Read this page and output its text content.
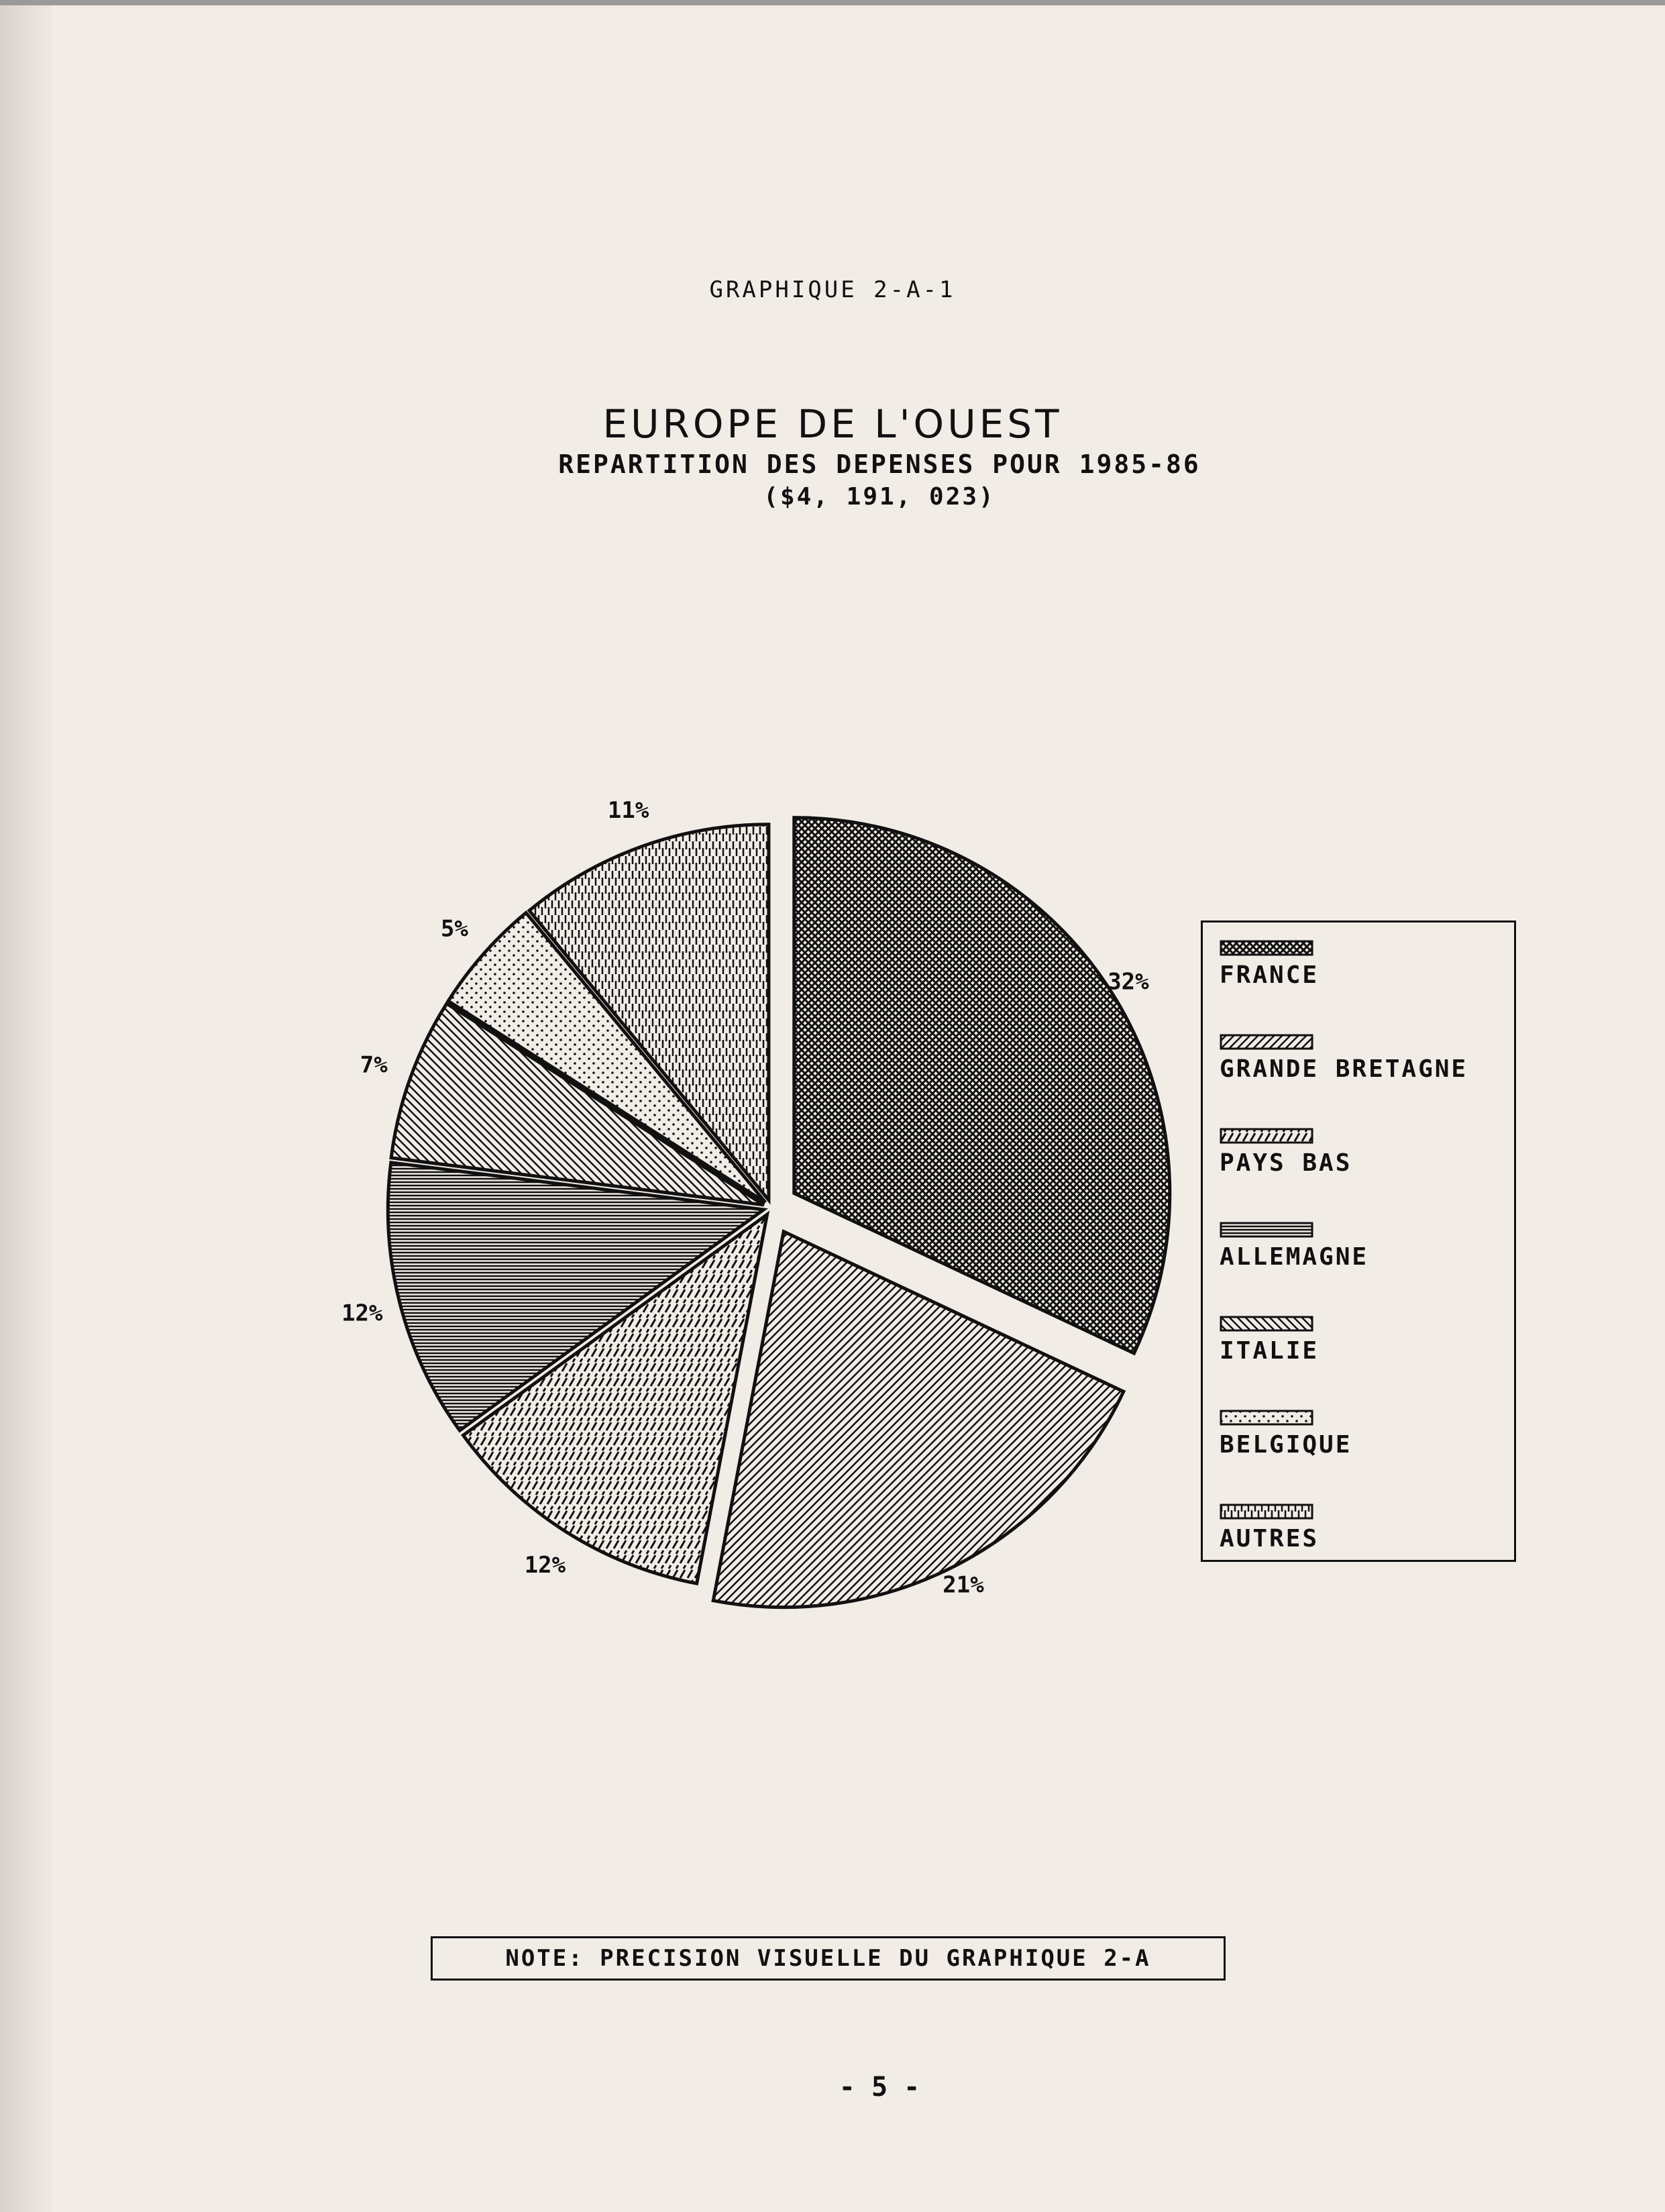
GRAPHIQUE 2-A-1
EUROPE DE L'OUEST
REPARTITION DES DEPENSES POUR 1985-86
($4, 191, 023)
32%
21%
12%
12%
7%
5%
11%
FRANCE
GRANDE BRETAGNE
PAYS BAS
ALLEMAGNE
ITALIE
BELGIQUE
AUTRES
NOTE: PRECISION VISUELLE DU GRAPHIQUE 2-A
- 5 -
